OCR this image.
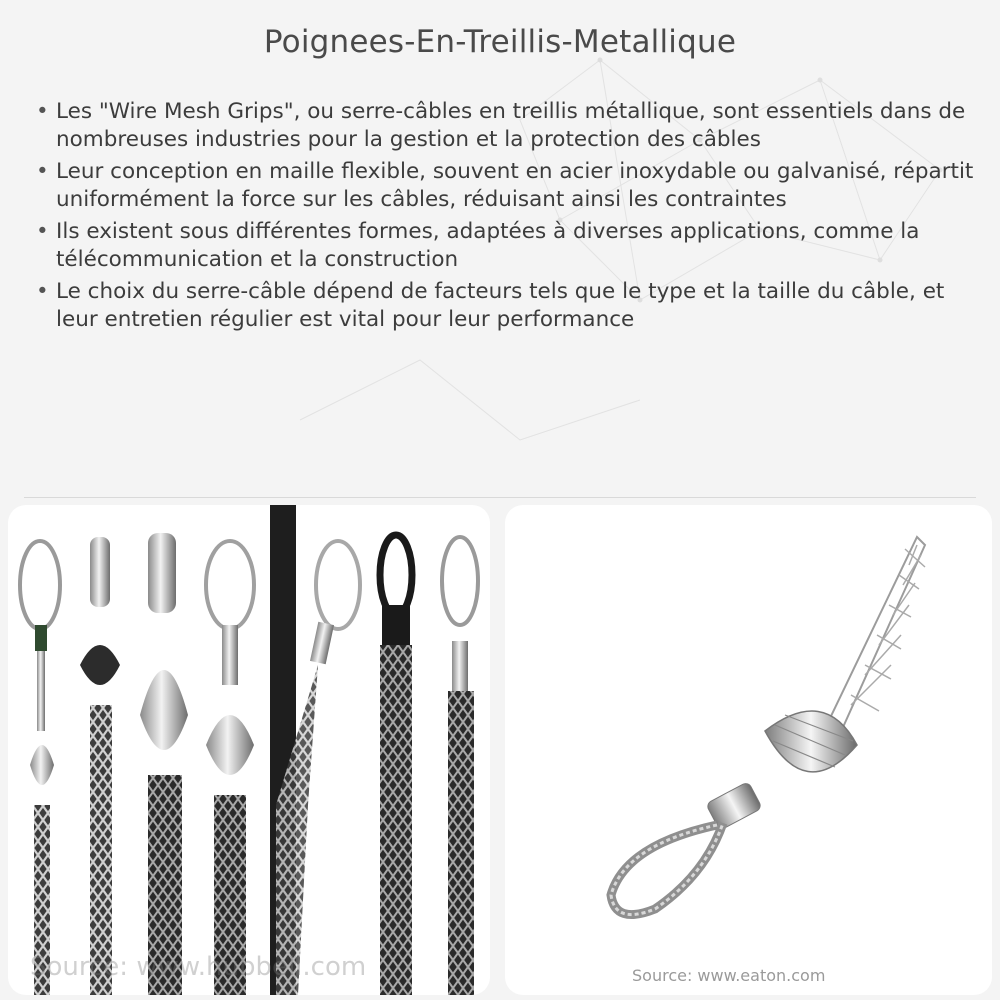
Poignees-En-Treillis-Metallique
• Les "Wire Mesh Grips", ou serre-câbles en treillis métallique, sont essentiels dans de nombreuses industries pour la gestion et la protection des câbles
• Leur conception en maille flexible, souvent en acier inoxydable ou galvanisé, répartit uniformément la force sur les câbles, réduisant ainsi les contraintes
• Ils existent sous différentes formes, adaptées à diverses applications, comme la télécommunication et la construction
• Le choix du serre-câble dépend de facteurs tels que le type et la taille du câble, et leur entretien régulier est vital pour leur performance
Source: www.hubbell.com	Source: www.eaton.com
